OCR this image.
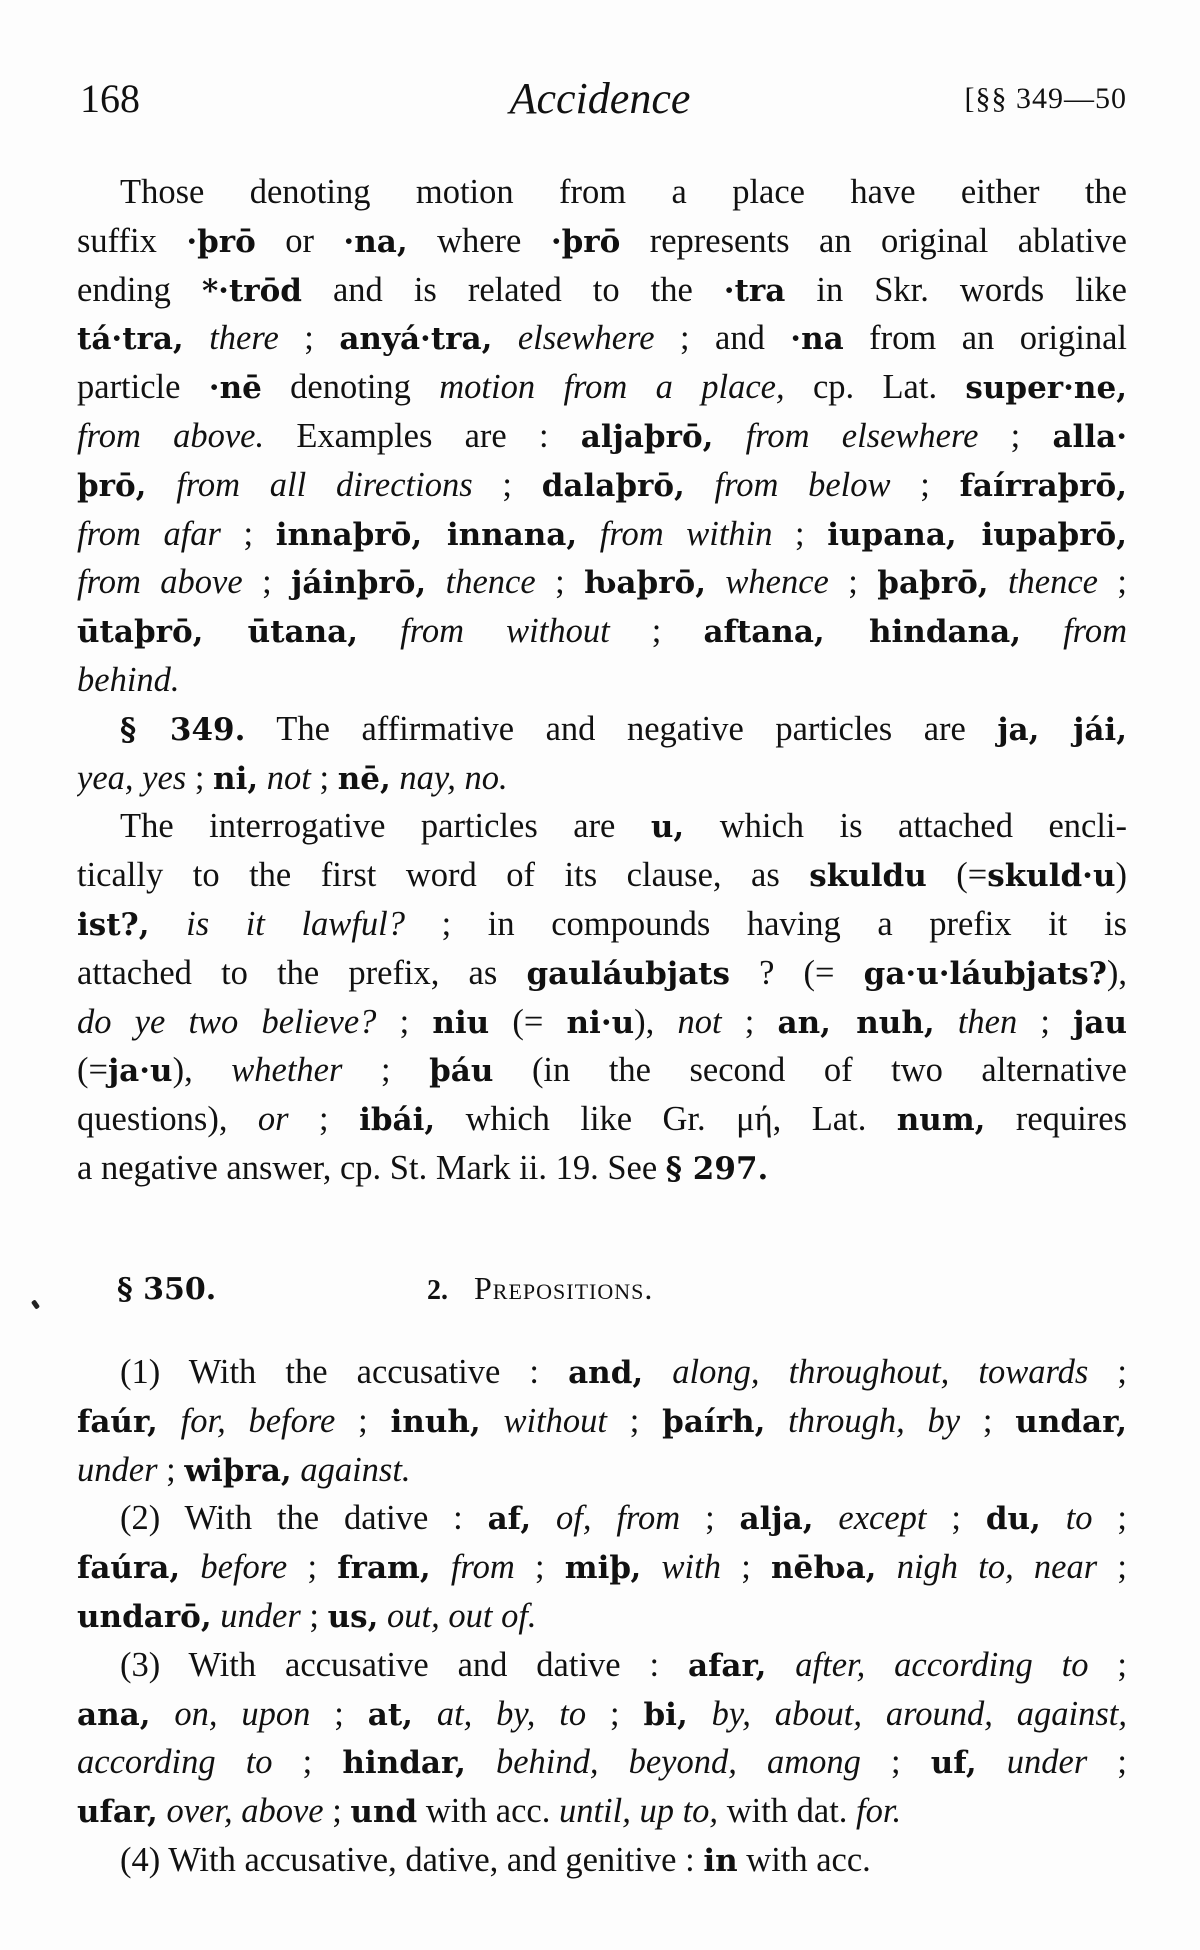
Accidence
168	[§§ 349—50
Those denoting motion from a place have either the
suffix ·þrō or ·na, where ·þrō represents an original ablative
ending *·trōd and is related to the ·tra in Skr. words like
tá·tra, there ; anyá·tra, elsewhere ; and ·na from an original
particle ·nē denoting motion from a place, cp. Lat. super·ne,
from above. Examples are : aljaþrō, from elsewhere ; alla·
þrō, from all directions ; dalaþrō, from below ; faírraþrō,
from afar ; innaþrō, innana, from within ; iupana, iupaþrō,
from above ; jáinþrō, thence ; ƕaþrō, whence ; þaþrō, thence ;
ūtaþrō, ūtana, from without ; aftana, hindana, from
behind.
§ 349. The affirmative and negative particles are ja, jái,
yea, yes ; ni, not ; nē, nay, no.
The interrogative particles are u, which is attached encli-
tically to the first word of its clause, as skuldu (=skuld·u)
ist?, is it lawful? ; in compounds having a prefix it is
attached to the prefix, as gauláubjats ? (= ga·u·láubjats?),
do ye two believe? ; niu (= ni·u), not ; an, nuh, then ; jau
(=ja·u), whether ; þáu (in the second of two alternative
questions), or ; ibái, which like Gr. μή, Lat. num, requires
a negative answer, cp. St. Mark ii. 19. See § 297.
§ 350.	2. Prepositions.
(1) With the accusative : and, along, throughout, towards ;
faúr, for, before ; inuh, without ; þaírh, through, by ; undar,
under ; wiþra, against.
(2) With the dative : af, of, from ; alja, except ; du, to ;
faúra, before ; fram, from ; miþ, with ; nēƕa, nigh to, near ;
undarō, under ; us, out, out of.
(3) With accusative and dative : afar, after, according to ;
ana, on, upon ; at, at, by, to ; bi, by, about, around, against,
according to ; hindar, behind, beyond, among ; uf, under ;
ufar, over, above ; und with acc. until, up to, with dat. for.
(4) With accusative, dative, and genitive : in with acc.
